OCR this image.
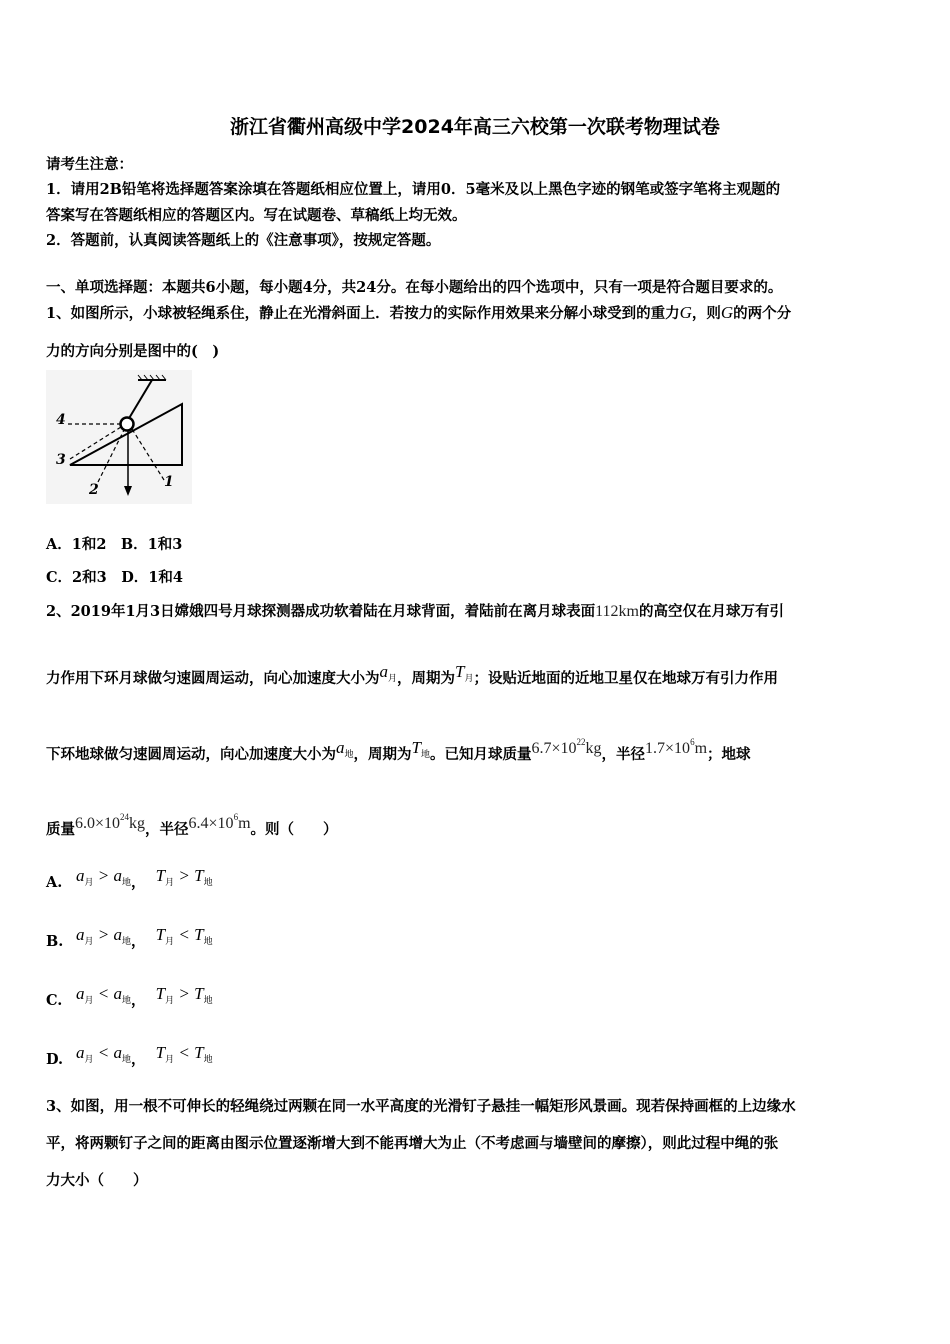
浙江省衢州高级中学2024年高三六校第一次联考物理试卷
请考生注意：
1．请用2B铅笔将选择题答案涂填在答题纸相应位置上，请用0．5毫米及以上黑色字迹的钢笔或签字笔将主观题的
答案写在答题纸相应的答题区内。写在试题卷、草稿纸上均无效。
2．答题前，认真阅读答题纸上的《注意事项》，按规定答题。
一、单项选择题：本题共6小题，每小题4分，共24分。在每小题给出的四个选项中，只有一项是符合题目要求的。
1、如图所示，小球被轻绳系住，静止在光滑斜面上．若按力的实际作用效果来分解小球受到的重力G，则G的两个分
力的方向分别是图中的(　)
4
3
2	1
A．1和2　B．1和3
C．2和3　D．1和4
2、2019年1月3日嫦娥四号月球探测器成功软着陆在月球背面，着陆前在离月球表面112km的高空仅在月球万有引
力作用下环月球做匀速圆周运动，向心加速度大小为$a_月$，周期为$T_月$；设贴近地面的近地卫星仅在地球万有引力作用
下环地球做匀速圆周运动，向心加速度大小为$a_地$，周期为$T_地$。已知月球质量$6.7\times 10^{22}kg$，半径$1.7\times 10^6m$；地球
质量$6.0\times 10^{24}kg$，半径$6.4\times 10^6m$。则（　　）
A. $a_月 > a_地$， $T_月 > T_地$
B. $a_月 > a_地$， $T_月 < T_地$
C. $a_月 < a_地$， $T_月 > T_地$
D. $a_月 < a_地$， $T_月 < T_地$
3、如图，用一根不可伸长的轻绳绕过两颗在同一水平高度的光滑钉子悬挂一幅矩形风景画。现若保持画框的上边缘水
平，将两颗钉子之间的距离由图示位置逐渐增大到不能再增大为止（不考虑画与墙壁间的摩擦），则此过程中绳的张
力大小（　　）
